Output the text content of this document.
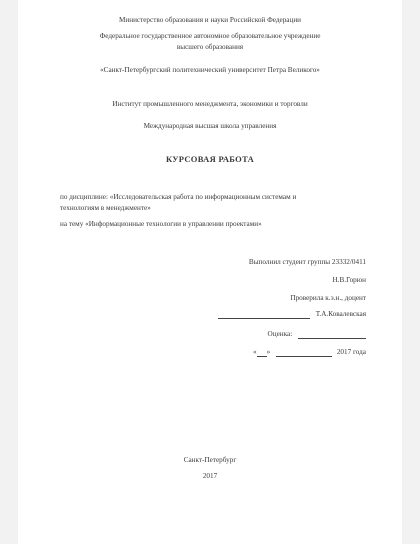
Министерство образования и науки Российской Федерации
Федеральное государственное автономное образовательное учреждение
высшего образования
«Санкт-Петербургский политехнический университет Петра Великого»
Институт промышленного менеджмента, экономики и торговли
Международная высшая школа управления
КУРСОВАЯ РАБОТА
по дисциплине: «Исследовательская работа по информационным системам и
технологиям в менеджменте»
на тему «Информационные технологии в управлении проектами»
Выполнил студент группы 23332/0411
Н.В.Горюн
Проверила к.э.н., доцент
Т.А.Ковалевская
Оценка:
« »	2017 года
Санкт-Петербург
2017
